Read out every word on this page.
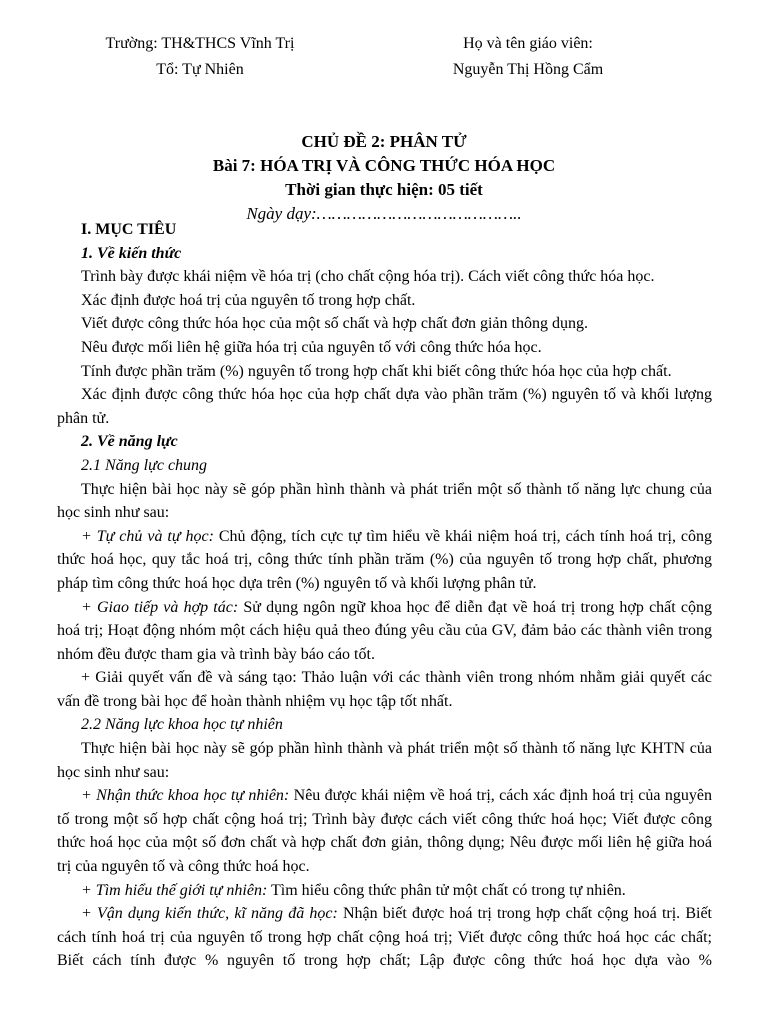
Trường: TH&THCS Vĩnh Trị
Tổ: Tự Nhiên
Họ và tên giáo viên:
Nguyễn Thị Hồng Cẩm
CHỦ ĐỀ 2: PHÂN TỬ
Bài 7: HÓA TRỊ VÀ CÔNG THỨC HÓA HỌC
Thời gian thực hiện: 05 tiết
Ngày dạy:…………………………………..

I. MỤC TIÊU

1. Về kiến thức

Trình bày được khái niệm về hóa trị (cho chất cộng hóa trị). Cách viết công thức hóa học.

Xác định được hoá trị của nguyên tố trong hợp chất.

Viết được công thức hóa học của một số chất và hợp chất đơn giản thông dụng.

Nêu được mối liên hệ giữa hóa trị của nguyên tố với công thức hóa học.

Tính được phần trăm (%) nguyên tố trong hợp chất khi biết công thức hóa học của hợp chất.

Xác định được công thức hóa học của hợp chất dựa vào phần trăm (%) nguyên tố và khối lượng phân tử.

2. Về năng lực

2.1 Năng lực chung

Thực hiện bài học này sẽ góp phần hình thành và phát triển một số thành tố năng lực chung của học sinh như sau:

+ Tự chủ và tự học: Chủ động, tích cực tự tìm hiểu về khái niệm hoá trị, cách tính hoá trị, công thức hoá học, quy tắc hoá trị, công thức tính phần trăm (%) của nguyên tố trong hợp chất, phương pháp tìm công thức hoá học dựa trên (%) nguyên tố và khối lượng phân tử.

+ Giao tiếp và hợp tác: Sử dụng ngôn ngữ khoa học để diễn đạt về hoá trị trong hợp chất cộng hoá trị; Hoạt động nhóm một cách hiệu quả theo đúng yêu cầu của GV, đảm bảo các thành viên trong nhóm đều được tham gia và trình bày báo cáo tốt.

+ Giải quyết vấn đề và sáng tạo: Thảo luận với các thành viên trong nhóm nhằm giải quyết các vấn đề trong bài học để hoàn thành nhiệm vụ học tập tốt nhất.

2.2 Năng lực khoa học tự nhiên

Thực hiện bài học này sẽ góp phần hình thành và phát triển một số thành tố năng lực KHTN của học sinh như sau:

+ Nhận thức khoa học tự nhiên: Nêu được khái niệm về hoá trị, cách xác định hoá trị của nguyên tố trong một số hợp chất cộng hoá trị; Trình bày được cách viết công thức hoá học; Viết được công thức hoá học của một số đơn chất và hợp chất đơn giản, thông dụng; Nêu được mối liên hệ giữa hoá trị của nguyên tố và công thức hoá học.

+ Tìm hiểu thế giới tự nhiên: Tìm hiểu công thức phân tử một chất có trong tự nhiên.

+ Vận dụng kiến thức, kĩ năng đã học: Nhận biết được hoá trị trong hợp chất cộng hoá trị. Biết cách tính hoá trị của nguyên tố trong hợp chất cộng hoá trị; Viết được công thức hoá học các chất; Biết cách tính được % nguyên tố trong hợp chất; Lập được công thức hoá học dựa vào %
